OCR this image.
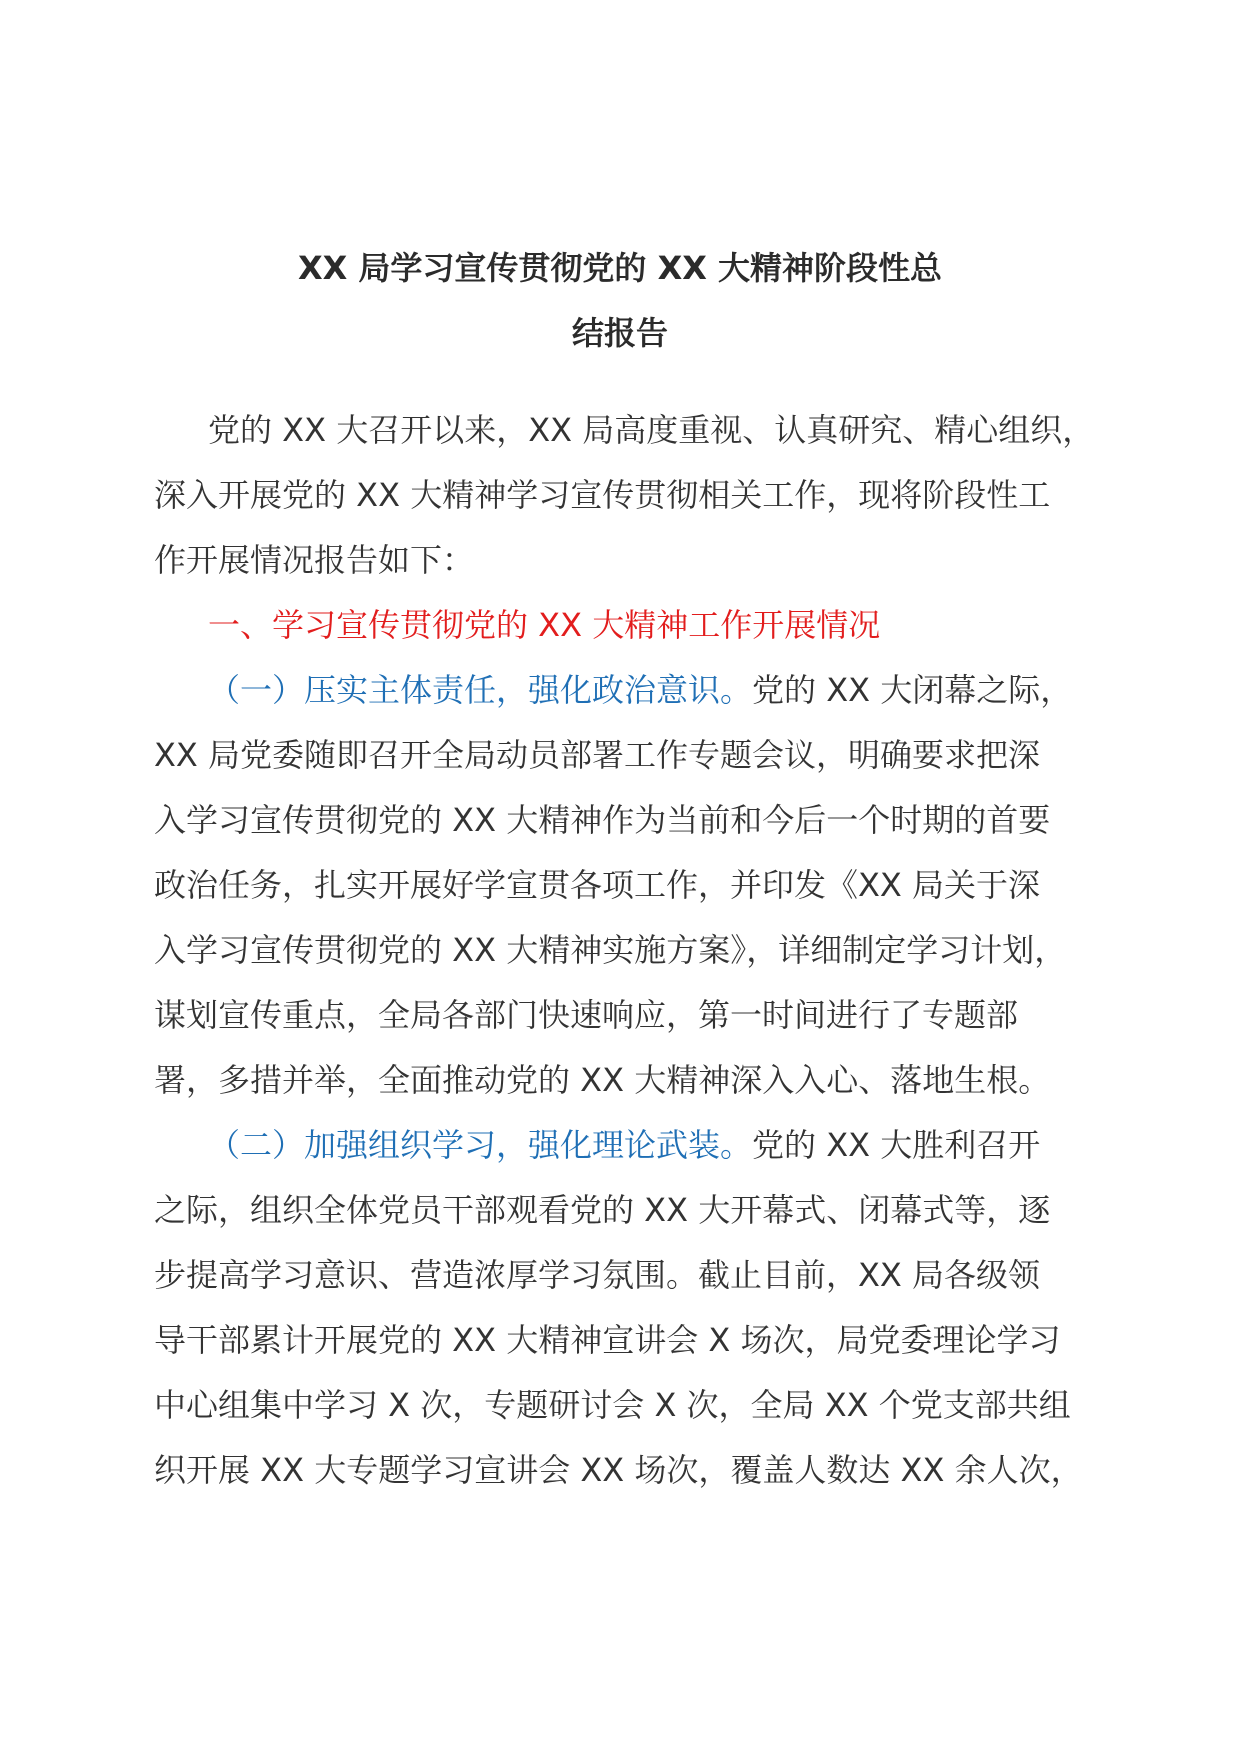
XX 局学习宣传贯彻党的 XX 大精神阶段性总
结报告
党的 XX 大召开以来，XX 局高度重视、认真研究、精心组织，
深入开展党的 XX 大精神学习宣传贯彻相关工作，现将阶段性工
作开展情况报告如下：
一、学习宣传贯彻党的 XX 大精神工作开展情况
（一）压实主体责任，强化政治意识。党的 XX 大闭幕之际，
XX 局党委随即召开全局动员部署工作专题会议，明确要求把深
入学习宣传贯彻党的 XX 大精神作为当前和今后一个时期的首要
政治任务，扎实开展好学宣贯各项工作，并印发《XX 局关于深
入学习宣传贯彻党的 XX 大精神实施方案》，详细制定学习计划，
谋划宣传重点，全局各部门快速响应，第一时间进行了专题部
署，多措并举，全面推动党的 XX 大精神深入入心、落地生根。
（二）加强组织学习，强化理论武装。党的 XX 大胜利召开
之际，组织全体党员干部观看党的 XX 大开幕式、闭幕式等，逐
步提高学习意识、营造浓厚学习氛围。截止目前，XX 局各级领
导干部累计开展党的 XX 大精神宣讲会 X 场次，局党委理论学习
中心组集中学习 X 次，专题研讨会 X 次，全局 XX 个党支部共组
织开展 XX 大专题学习宣讲会 XX 场次，覆盖人数达 XX 余人次，
